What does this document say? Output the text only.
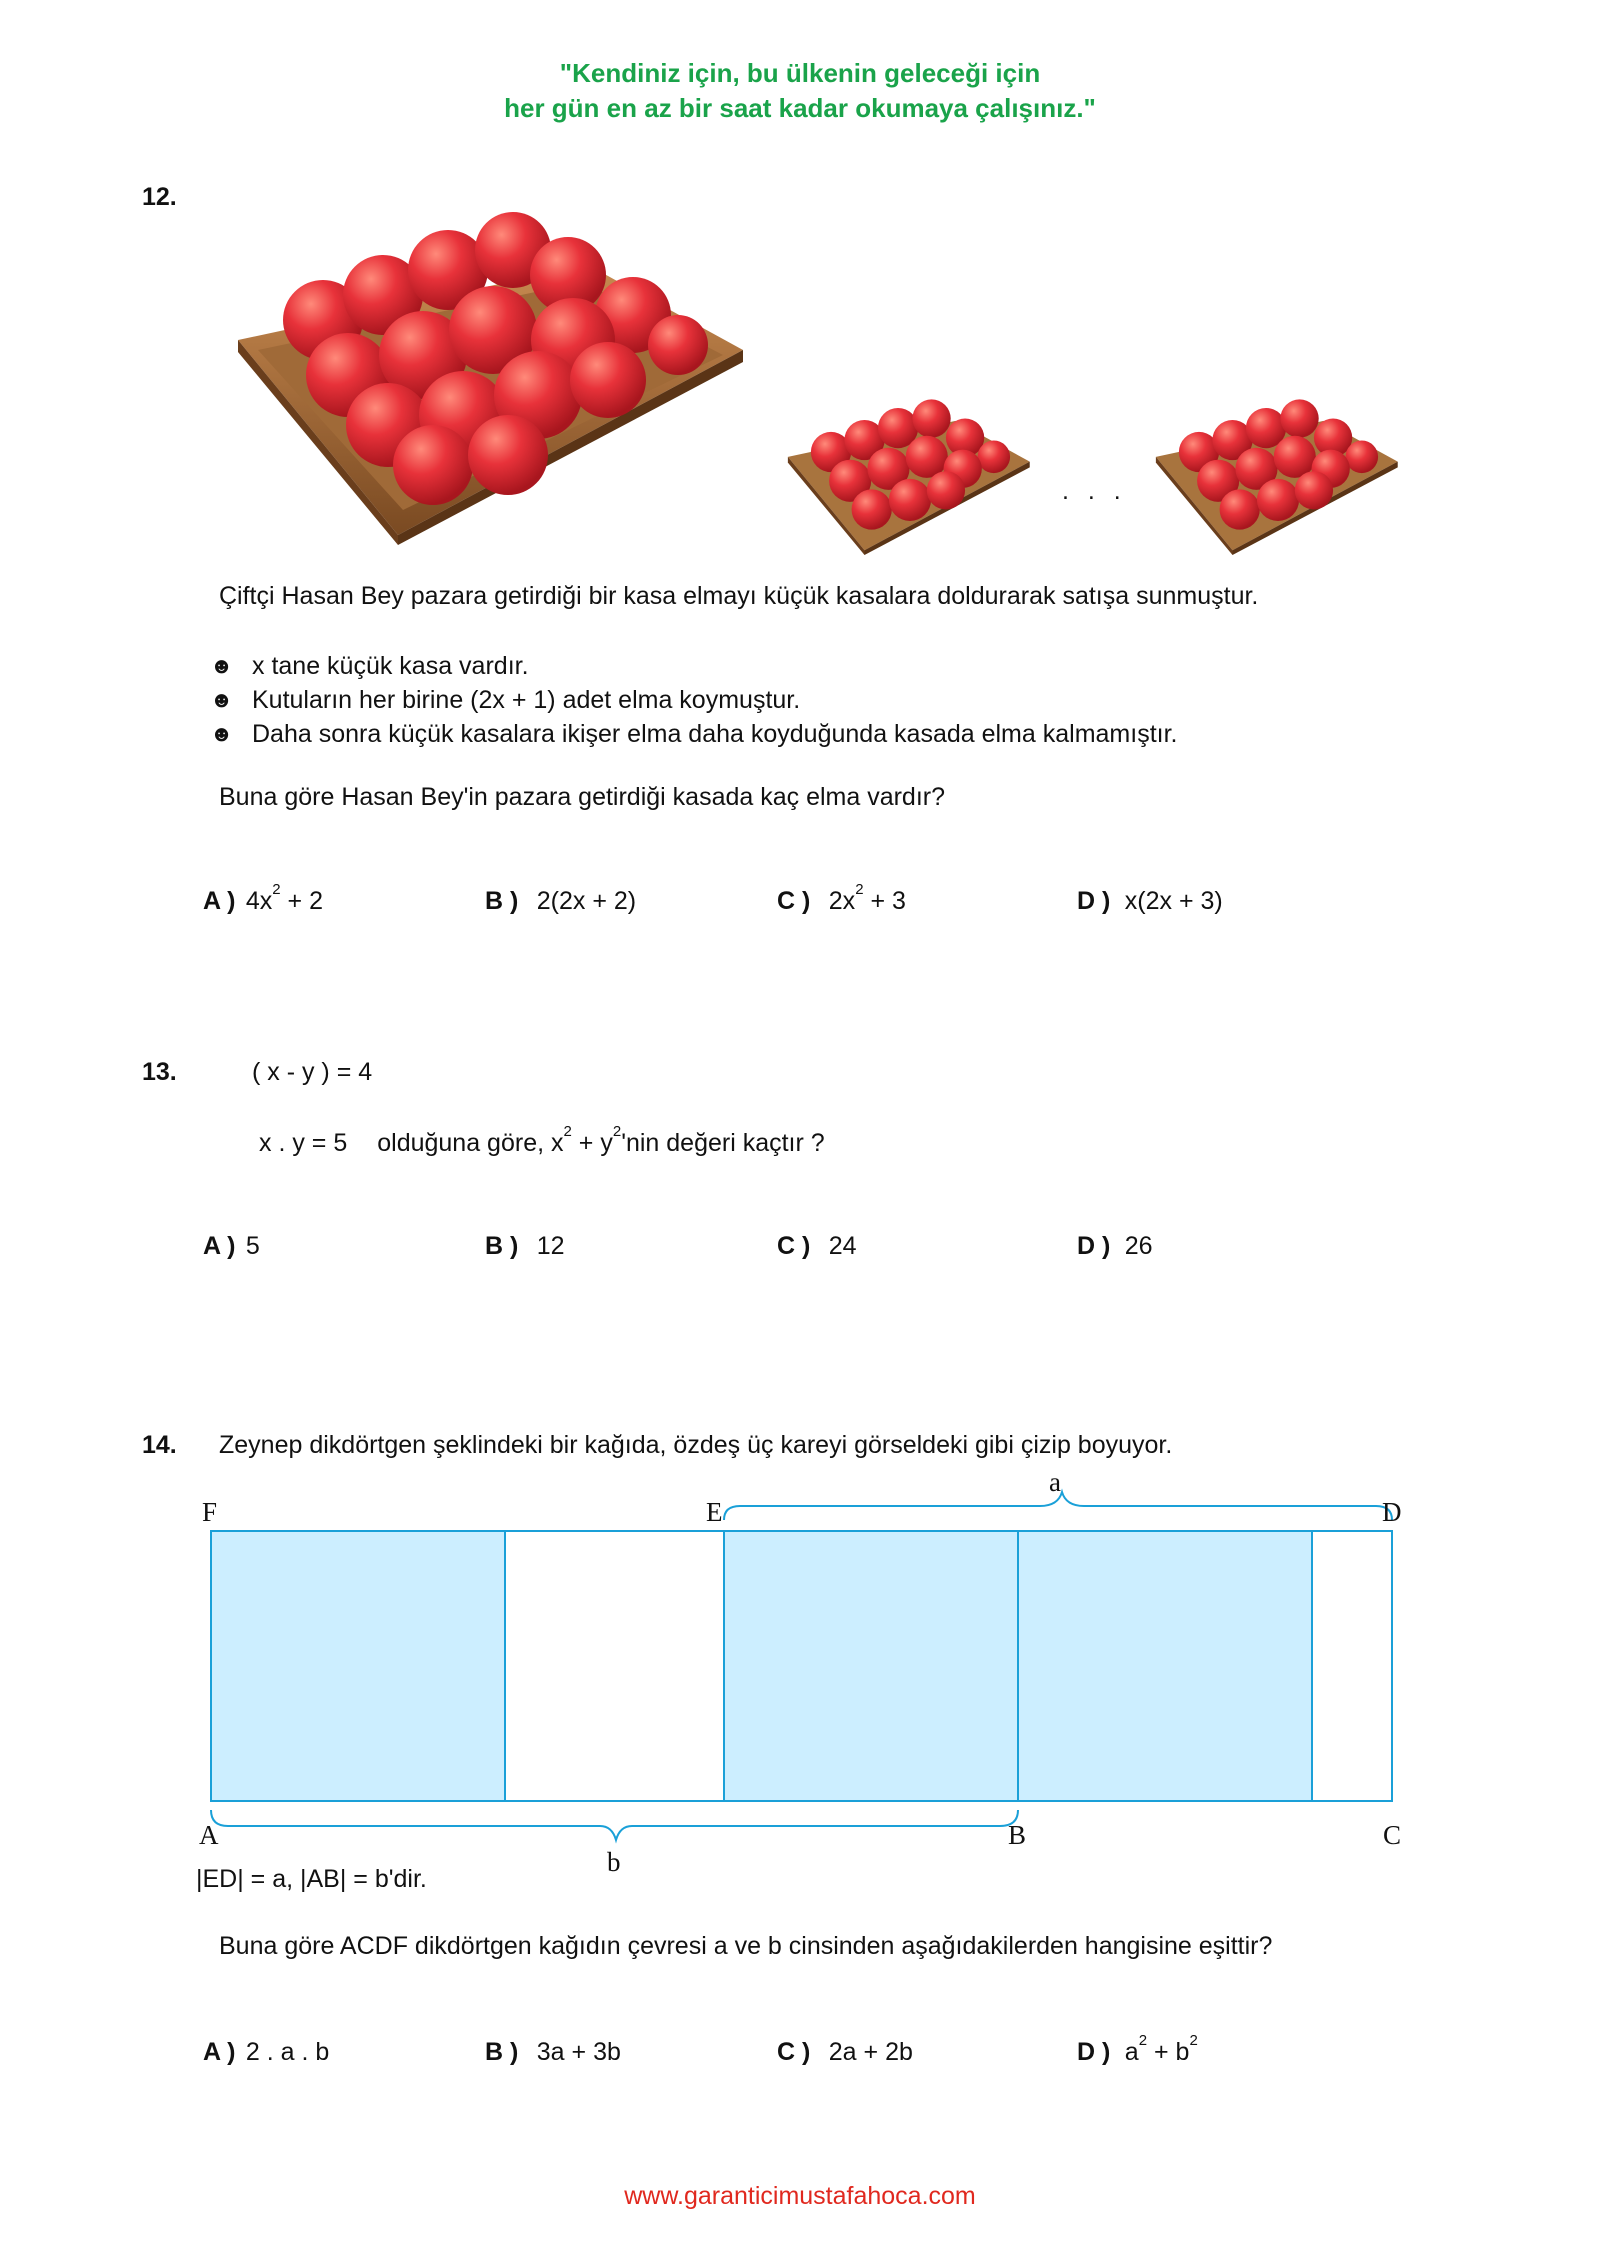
"Kendiniz için, bu ülkenin geleceği için
her gün en az bir saat kadar okumaya çalışınız."
12.
. . .
Çiftçi Hasan Bey pazara getirdiği bir kasa elmayı küçük kasalara doldurarak satışa sunmuştur.
☻ x tane küçük kasa vardır.
☻ Kutuların her birine (2x + 1) adet elma koymuştur.
☻ Daha sonra küçük kasalara ikişer elma daha koyduğunda kasada elma kalmamıştır.
Buna göre Hasan Bey'in pazara getirdiği kasada kaç elma vardır?
A ) $4x^2 + 2$	B ) 2(2x + 2)	C ) $2x^2 + 3$	D ) x(2x + 3)
13.	( x - y ) = 4
x . y = 5 olduğuna göre, $x^2 + y^2'nin$ değeri kaçtır ?
A ) 5	B ) 12	C ) 24	D ) 26
14. Zeynep dikdörtgen şeklindeki bir kağıda, özdeş üç kareyi görseldeki gibi çizip boyuyor.
F	E	D
a
A	B	C
b
|ED| = a, |AB| = b'dir.
Buna göre ACDF dikdörtgen kağıdın çevresi a ve b cinsinden aşağıdakilerden hangisine eşittir?
A ) 2 . a . b	B ) 3a + 3b	C ) 2a + 2b	D ) $a^2 + b^2$
www.garanticimustafahoca.com
